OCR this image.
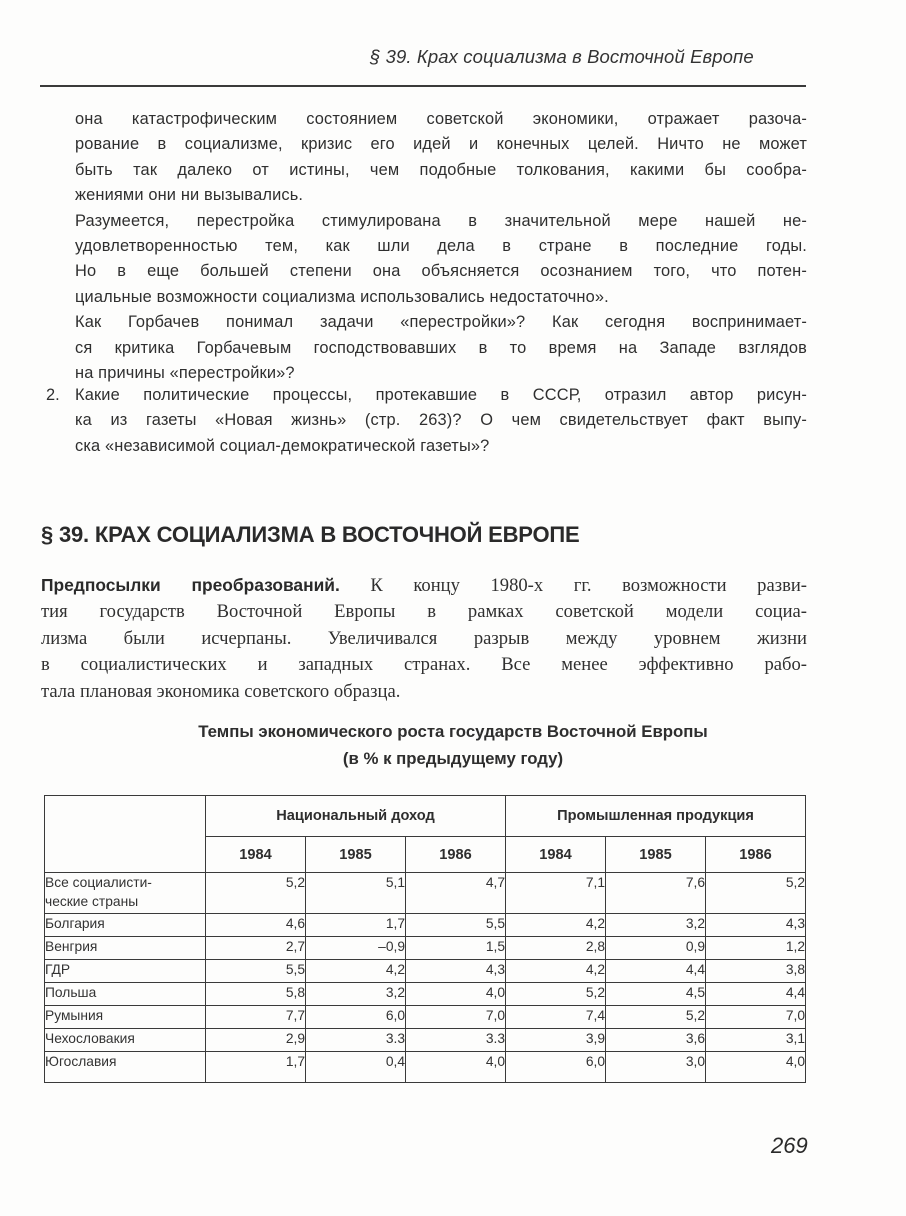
§ 39. Крах социализма в Восточной Европе
она катастрофическим состоянием советской экономики, отражает разоча-
рование в социализме, кризис его идей и конечных целей. Ничто не может
быть так далеко от истины, чем подобные толкования, какими бы сообра-
жениями они ни вызывались.
Разумеется, перестройка стимулирована в значительной мере нашей не-
удовлетворенностью тем, как шли дела в стране в последние годы.
Но в еще большей степени она объясняется осознанием того, что потен-
циальные возможности социализма использовались недостаточно».
Как Горбачев понимал задачи «перестройки»? Как сегодня воспринимает-
ся критика Горбачевым господствовавших в то время на Западе взглядов
на причины «перестройки»?
2. Какие политические процессы, протекавшие в СССР, отразил автор рисун-
ка из газеты «Новая жизнь» (стр. 263)? О чем свидетельствует факт выпу-
ска «независимой социал-демократической газеты»?
§ 39. КРАХ СОЦИАЛИЗМА В ВОСТОЧНОЙ ЕВРОПЕ
Предпосылки преобразований. К концу 1980-х гг. возможности разви-
тия государств Восточной Европы в рамках советской модели социа-
лизма были исчерпаны. Увеличивался разрыв между уровнем жизни
в социалистических и западных странах. Все менее эффективно рабо-
тала плановая экономика советского образца.
Темпы экономического роста государств Восточной Европы
(в % к предыдущему году)
	Национальный доход			Промышленная продукция		
	1984	1985	1986	1984	1985	1986

Все социалисти-
ческие страны	5,2	5,1	4,7	7,1	7,6	5,2
Болгария	4,6	1,7	5,5	4,2	3,2	4,3
Венгрия	2,7	–0,9	1,5	2,8	0,9	1,2
ГДР	5,5	4,2	4,3	4,2	4,4	3,8
Польша	5,8	3,2	4,0	5,2	4,5	4,4
Румыния	7,7	6,0	7,0	7,4	5,2	7,0
Чехословакия	2,9	3.3	3.3	3,9	3,6	3,1
Югославия	1,7	0,4	4,0	6,0	3,0	4,0
269
